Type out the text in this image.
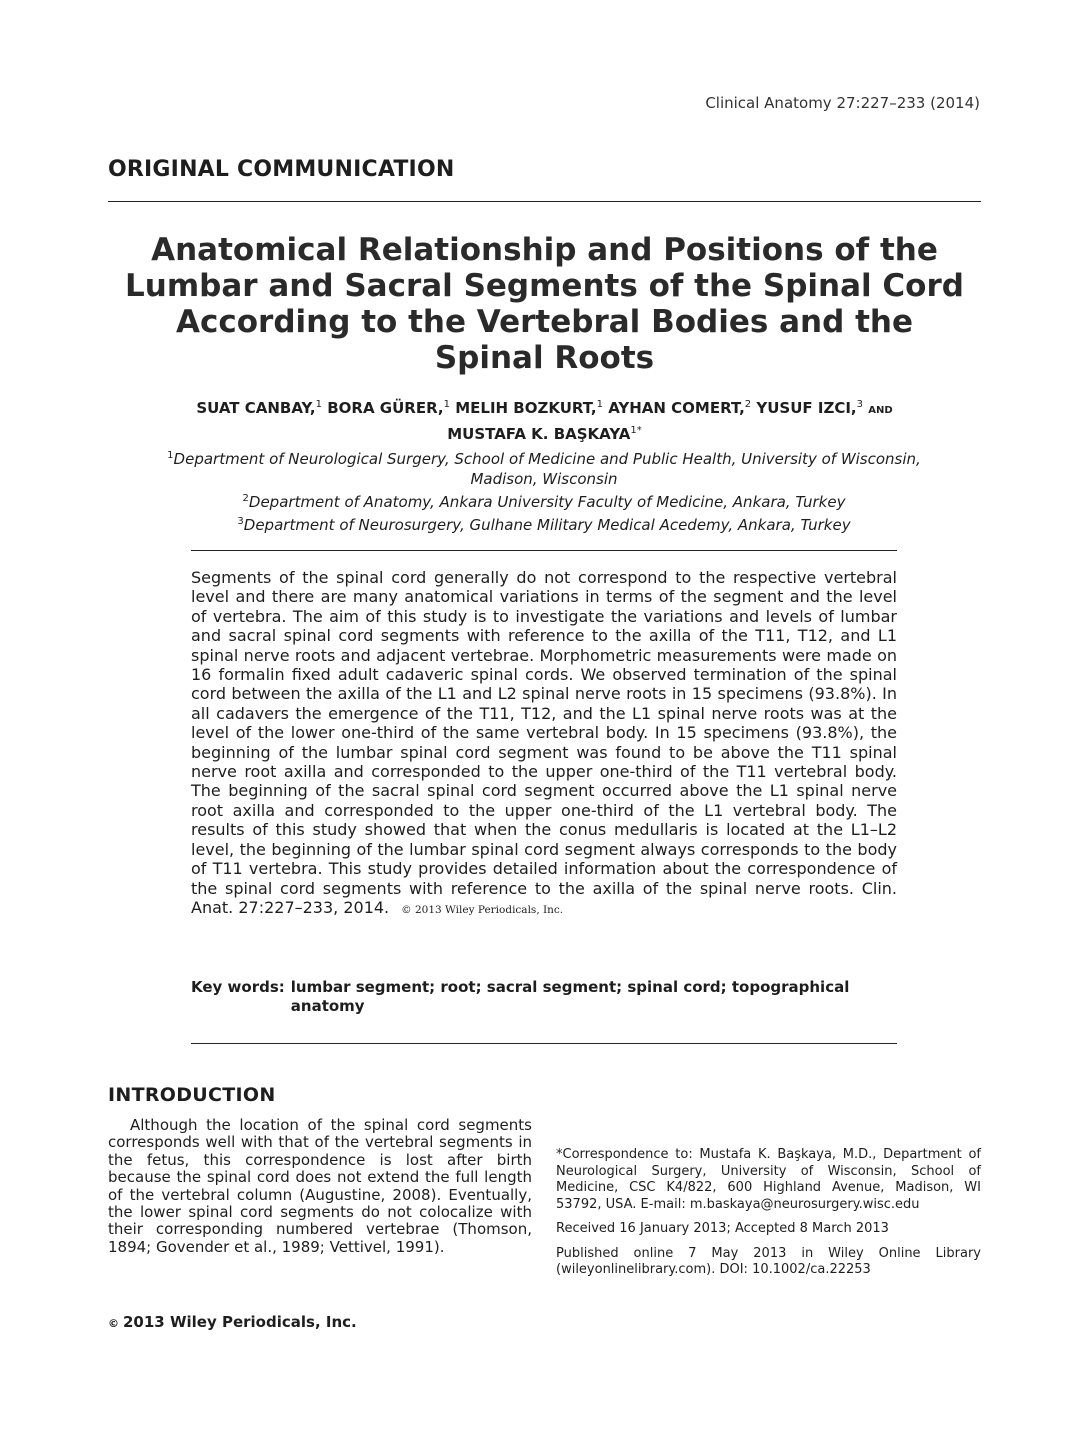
Clinical Anatomy 27:227–233 (2014)
ORIGINAL COMMUNICATION
Anatomical Relationship and Positions of the
Lumbar and Sacral Segments of the Spinal Cord
According to the Vertebral Bodies and the
Spinal Roots
SUAT CANBAY,$^1$ BORA GÜRER,$^1$ MELIH BOZKURT,$^1$ AYHAN COMERT,$^2$ YUSUF IZCI,$^3$ AND
MUSTAFA K. $BAŞKAYA^{1*}$
$^1$Department of Neurological Surgery, School of Medicine and Public Health, University of Wisconsin, Madison, Wisconsin
$^2$Department of Anatomy, Ankara University Faculty of Medicine, Ankara, Turkey
$^3$Department of Neurosurgery, Gulhane Military Medical Acedemy, Ankara, Turkey
Segments of the spinal cord generally do not correspond to the respective vertebral level and there are many anatomical variations in terms of the segment and the level of vertebra. The aim of this study is to investigate the variations and levels of lumbar and sacral spinal cord segments with reference to the axilla of the T11, T12, and L1 spinal nerve roots and adjacent vertebrae. Morphometric measurements were made on 16 formalin fixed adult cadaveric spinal cords. We observed termination of the spinal cord between the axilla of the L1 and L2 spinal nerve roots in 15 specimens (93.8%). In all cadavers the emergence of the T11, T12, and the L1 spinal nerve roots was at the level of the lower one-third of the same vertebral body. In 15 specimens (93.8%), the beginning of the lumbar spinal cord segment was found to be above the T11 spinal nerve root axilla and corresponded to the upper one-third of the T11 vertebral body. The beginning of the sacral spinal cord segment occurred above the L1 spinal nerve root axilla and corresponded to the upper one-third of the L1 vertebral body. The results of this study showed that when the conus medullaris is located at the L1–L2 level, the beginning of the lumbar spinal cord segment always corresponds to the body of T11 vertebra. This study provides detailed information about the correspondence of the spinal cord segments with reference to the axilla of the spinal nerve roots. Clin. Anat. 27:227–233, 2014. © 2013 Wiley Periodicals, Inc.
Key words: lumbar segment; root; sacral segment; spinal cord; topographical anatomy
INTRODUCTION

Although the location of the spinal cord segments corresponds well with that of the vertebral segments in the fetus, this correspondence is lost after birth because the spinal cord does not extend the full length of the vertebral column (Augustine, 2008). Eventually, the lower spinal cord segments do not colocalize with their corresponding numbered vertebrae (Thomson, 1894; Govender et al., 1989; Vettivel, 1991).

*Correspondence to: Mustafa K. Başkaya, M.D., Department of Neurological Surgery, University of Wisconsin, School of Medicine, CSC K4/822, 600 Highland Avenue, Madison, WI 53792, USA. E-mail: m.baskaya@neurosurgery.wisc.edu

Received 16 January 2013; Accepted 8 March 2013

Published online 7 May 2013 in Wiley Online Library (wileyonlinelibrary.com). DOI: 10.1002/ca.22253

© 2013 Wiley Periodicals, Inc.
